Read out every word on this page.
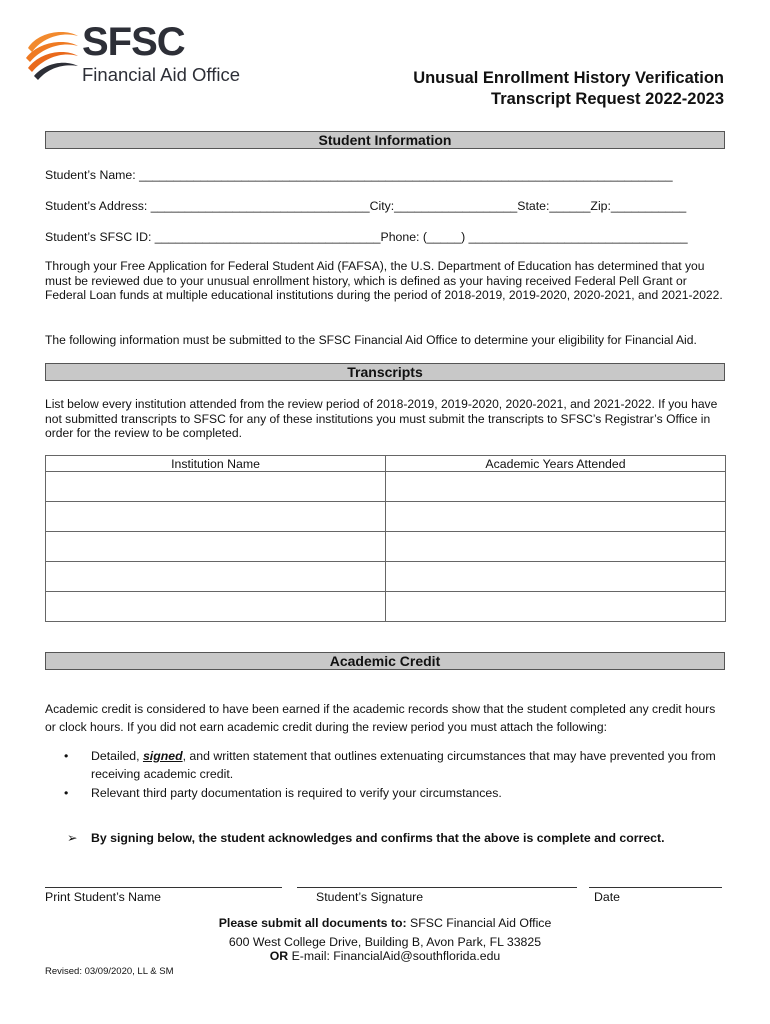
SFSC
Financial Aid Office	Unusual Enrollment History Verification
Transcript Request 2022-2023
Student Information
Student’s Name: ______________________________________________________________________________
Student’s Address: ________________________________City:__________________State:______Zip:___________
Student’s SFSC ID: _________________________________Phone: (_____) ________________________________
Through your Free Application for Federal Student Aid (FAFSA), the U.S. Department of Education has determined that you must be reviewed due to your unusual enrollment history, which is defined as your having received Federal Pell Grant or Federal Loan funds at multiple educational institutions during the period of 2018-2019, 2019-2020, 2020-2021, and 2021-2022.
The following information must be submitted to the SFSC Financial Aid Office to determine your eligibility for Financial Aid.
Transcripts
List below every institution attended from the review period of 2018-2019, 2019-2020, 2020-2021, and 2021-2022. If you have not submitted transcripts to SFSC for any of these institutions you must submit the transcripts to SFSC’s Registrar’s Office in order for the review to be completed.
Institution Name	Academic Years Attended

Academic Credit
Academic credit is considered to have been earned if the academic records show that the student completed any credit hours or clock hours. If you did not earn academic credit during the review period you must attach the following:
• Detailed, signed, and written statement that outlines extenuating circumstances that may have prevented you from receiving academic credit.
• Relevant third party documentation is required to verify your circumstances.
➢ By signing below, the student acknowledges and confirms that the above is complete and correct.
Print Student’s Name	Student’s Signature	Date
Please submit all documents to: SFSC Financial Aid Office
600 West College Drive, Building B, Avon Park, FL 33825
OR E-mail: FinancialAid@southflorida.edu
Revised: 03/09/2020, LL & SM
